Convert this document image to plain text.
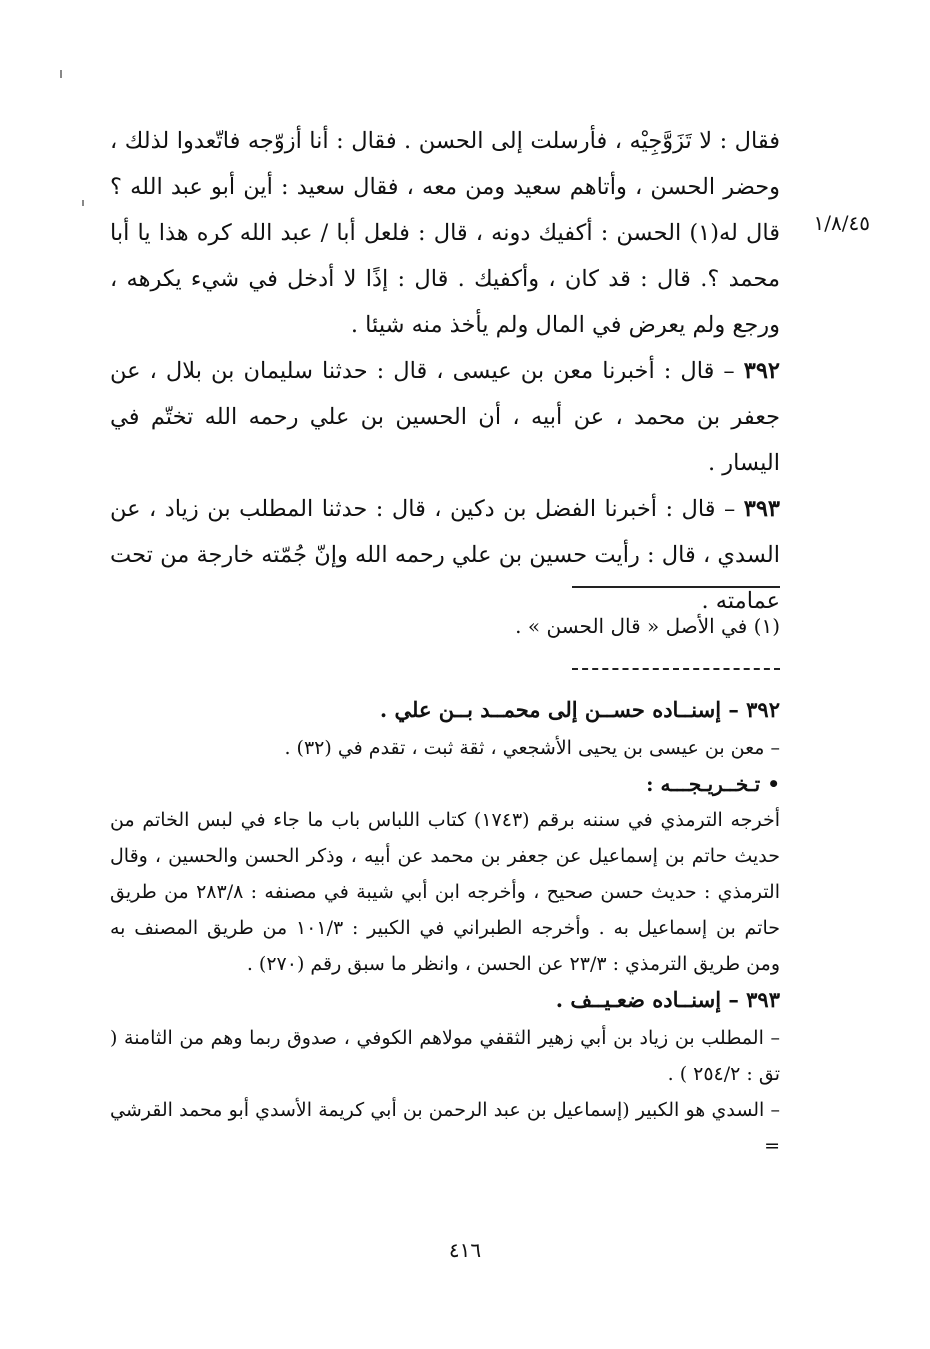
١/٨/٤٥

فقال : لا تَزَوَّجِيْه ، فأرسلت إلى الحسن . فقال : أنا أزوّجه فاتّعدوا لذلك ، وحضر الحسن ، وأتاهم سعيد ومن معه ، فقال سعيد : أين أبو عبد الله ؟ قال له(١) الحسن : أكفيك دونه ، قال : فلعل أبا / عبد الله كره هذا يا أبا محمد ؟. قال : قد كان ، وأكفيك . قال : إذًا لا أدخل في شيء يكرهه ، ورجع ولم يعرض في المال ولم يأخذ منه شيئا .

٣٩٢ – قال : أخبرنا معن بن عيسى ، قال : حدثنا سليمان بن بلال ، عن جعفر بن محمد ، عن أبيه ، أن الحسين بن علي رحمه الله تختّم في اليسار .

٣٩٣ – قال : أخبرنا الفضل بن دكين ، قال : حدثنا المطلب بن زياد ، عن السدي ، قال : رأيت حسين بن علي رحمه الله وإنّ جُمّته خارجة من تحت عمامته .

(١) في الأصل « قال الحسن » .

٣٩٢ – إسنــاده حســن إلى محمــد بــن علي .

– معن بن عيسى بن يحيى الأشجعي ، ثقة ثبت ، تقدم في (٣٢) .

• تـخــريـجـــه :

أخرجه الترمذي في سننه برقم (١٧٤٣) كتاب اللباس باب ما جاء في لبس الخاتم من حديث حاتم بن إسماعيل عن جعفر بن محمد عن أبيه ، وذكر الحسن والحسين ، وقال الترمذي : حديث حسن صحيح ، وأخرجه ابن أبي شيبة في مصنفه : ٢٨٣/٨ من طريق حاتم بن إسماعيل به . وأخرجه الطبراني في الكبير : ١٠١/٣ من طريق المصنف به ومن طريق الترمذي : ٢٣/٣ عن الحسن ، وانظر ما سبق رقم (٢٧٠) .

٣٩٣ – إسنــاده ضعـيــف .

– المطلب بن زياد بن أبي زهير الثقفي مولاهم الكوفي ، صدوق ربما وهم من الثامنة ( تق : ٢٥٤/٢ ) .

– السدي هو الكبير (إسماعيل بن عبد الرحمن بن أبي كريمة الأسدي أبو محمد القرشي =

٤١٦
